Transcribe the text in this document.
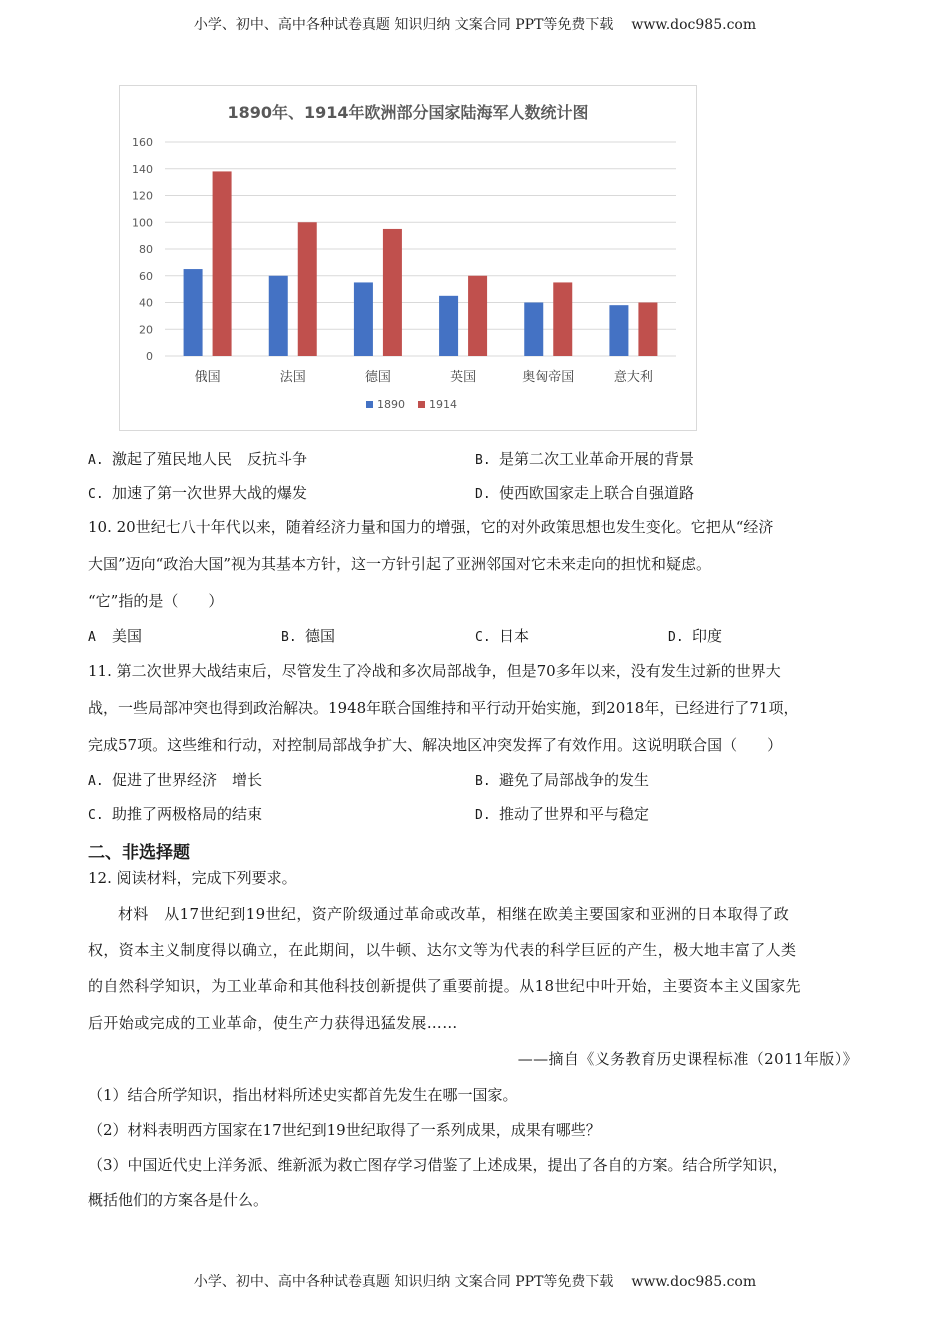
小学、初中、高中各种试卷真题 知识归纳 文案合同 PPT等免费下载 www.doc985.com
1890年、1914年欧洲部分国家陆海军人数统计图
0
20
40
60
80
100
120
140
160
俄国	法国	德国	英国	奥匈帝国	意大利
1890 1914
A. 激起了殖民地人民　反抗斗争	B. 是第二次工业革命开展的背景
C. 加速了第一次世界大战的爆发	D. 使西欧国家走上联合自强道路
10. 20世纪七八十年代以来，随着经济力量和国力的增强，它的对外政策思想也发生变化。它把从“经济
大国”迈向“政治大国”视为其基本方针，这一方针引起了亚洲邻国对它未来走向的担忧和疑虑。
“它”指的是（　　）
A 美国	B. 德国	C. 日本	D. 印度
11. 第二次世界大战结束后，尽管发生了冷战和多次局部战争，但是70多年以来，没有发生过新的世界大
战，一些局部冲突也得到政治解决。1948年联合国维持和平行动开始实施，到2018年，已经进行了71项，
完成57项。这些维和行动，对控制局部战争扩大、解决地区冲突发挥了有效作用。这说明联合国（　　）
A. 促进了世界经济　增长	B. 避免了局部战争的发生
C. 助推了两极格局的结束	D. 推动了世界和平与稳定
二、非选择题
12. 阅读材料，完成下列要求。
材料　从17世纪到19世纪，资产阶级通过革命或改革，相继在欧美主要国家和亚洲的日本取得了政
权，资本主义制度得以确立，在此期间，以牛顿、达尔文等为代表的科学巨匠的产生，极大地丰富了人类
的自然科学知识，为工业革命和其他科技创新提供了重要前提。从18世纪中叶开始，主要资本主义国家先
后开始或完成的工业革命，使生产力获得迅猛发展……
——摘自《义务教育历史课程标准（2011年版）》
（1）结合所学知识，指出材料所述史实都首先发生在哪一国家。
（2）材料表明西方国家在17世纪到19世纪取得了一系列成果，成果有哪些？
（3）中国近代史上洋务派、维新派为救亡图存学习借鉴了上述成果，提出了各自的方案。结合所学知识，
概括他们的方案各是什么。
小学、初中、高中各种试卷真题 知识归纳 文案合同 PPT等免费下载 www.doc985.com
